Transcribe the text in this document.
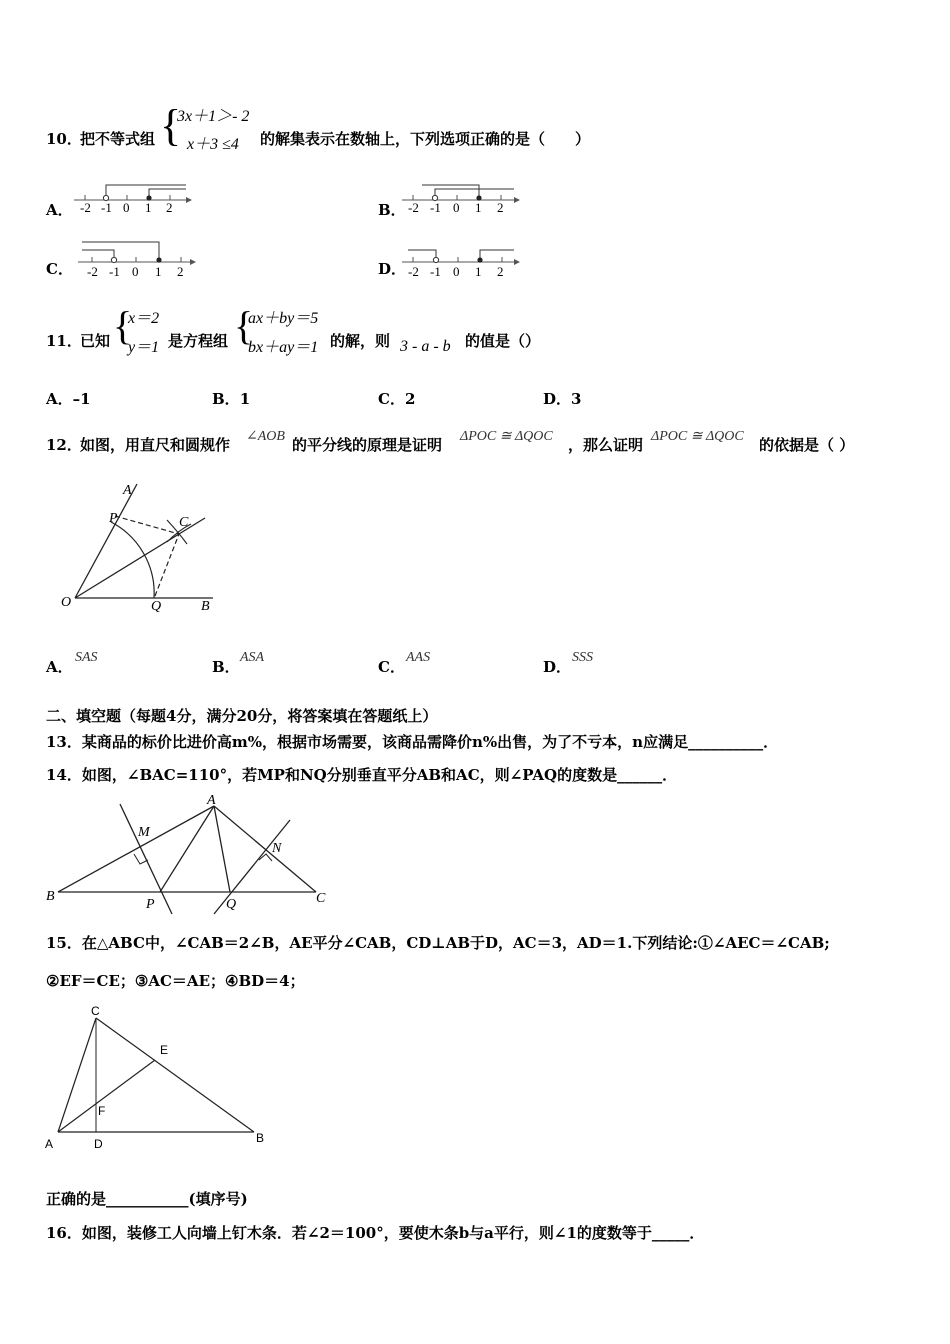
{
3x＋1＞- 2
x＋3 ≤4
10．
把不等式组	的解集表示在数轴上，下列选项正确的是（　　）
A． -2 -1 0 1 2	B． -2 -1 0 1 2
C． -2 -1 0 1 2	D． -2 -1 0 1 2
11．
已知 {
x＝2
y＝1 是方程组 {
ax＋by＝5
bx＋ay＝1 的解，则 3 - a - b 的值是（）
A．–1	B．1	C．2	D．3
12．
如图，用直尺和圆规作 ∠AOB 的平分线的原理是证明 ΔPOC ≅ ΔQOC ，那么证明 ΔPOC ≅ ΔQOC 的依据是（ ）
A
P	C
O	Q	B
A．
SAS
B．
ASA
C．
AAS
D．
SSS
二、填空题（每题4分，满分20分，将答案填在答题纸上）
13．某商品的标价比进价高m%，根据市场需要，该商品需降价n%出售，为了不亏本，n应满足__________．
14．如图，∠BAC=110°，若MP和NQ分别垂直平分AB和AC，则∠PAQ的度数是______．
A
M
N
B
P	Q	C
15．在△ABC中，∠CAB＝2∠B，AE平分∠CAB，CD⊥AB于D，AC＝3，AD＝1.下列结论:①∠AEC＝∠CAB;
②EF＝CE；③AC＝AE；④BD＝4；
C
E
F
A	D	B
正确的是___________(填序号)
16．如图，装修工人向墙上钉木条．若∠2＝100°，要使木条b与a平行，则∠1的度数等于_____．
